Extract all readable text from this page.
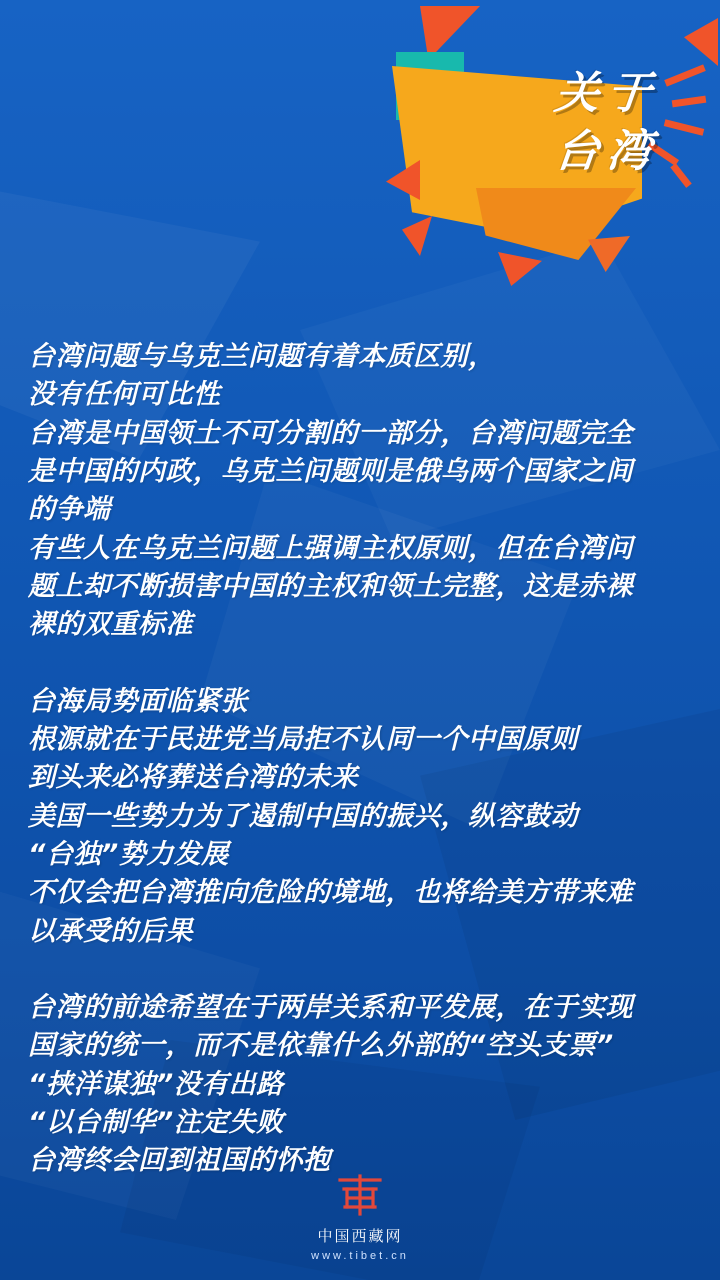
关于
台湾
台湾问题与乌克兰问题有着本质区别，
没有任何可比性
台湾是中国领土不可分割的一部分，台湾问题完全
是中国的内政，乌克兰问题则是俄乌两个国家之间
的争端
有些人在乌克兰问题上强调主权原则，但在台湾问
题上却不断损害中国的主权和领土完整，这是赤裸
裸的双重标准
台海局势面临紧张
根源就在于民进党当局拒不认同一个中国原则
到头来必将葬送台湾的未来
美国一些势力为了遏制中国的振兴，纵容鼓动
“台独”势力发展
不仅会把台湾推向危险的境地，也将给美方带来难
以承受的后果
台湾的前途希望在于两岸关系和平发展，在于实现
国家的统一，而不是依靠什么外部的“空头支票”
“挟洋谋独”没有出路
“以台制华”注定失败
台湾终会回到祖国的怀抱
中国西藏网
www.tibet.cn
